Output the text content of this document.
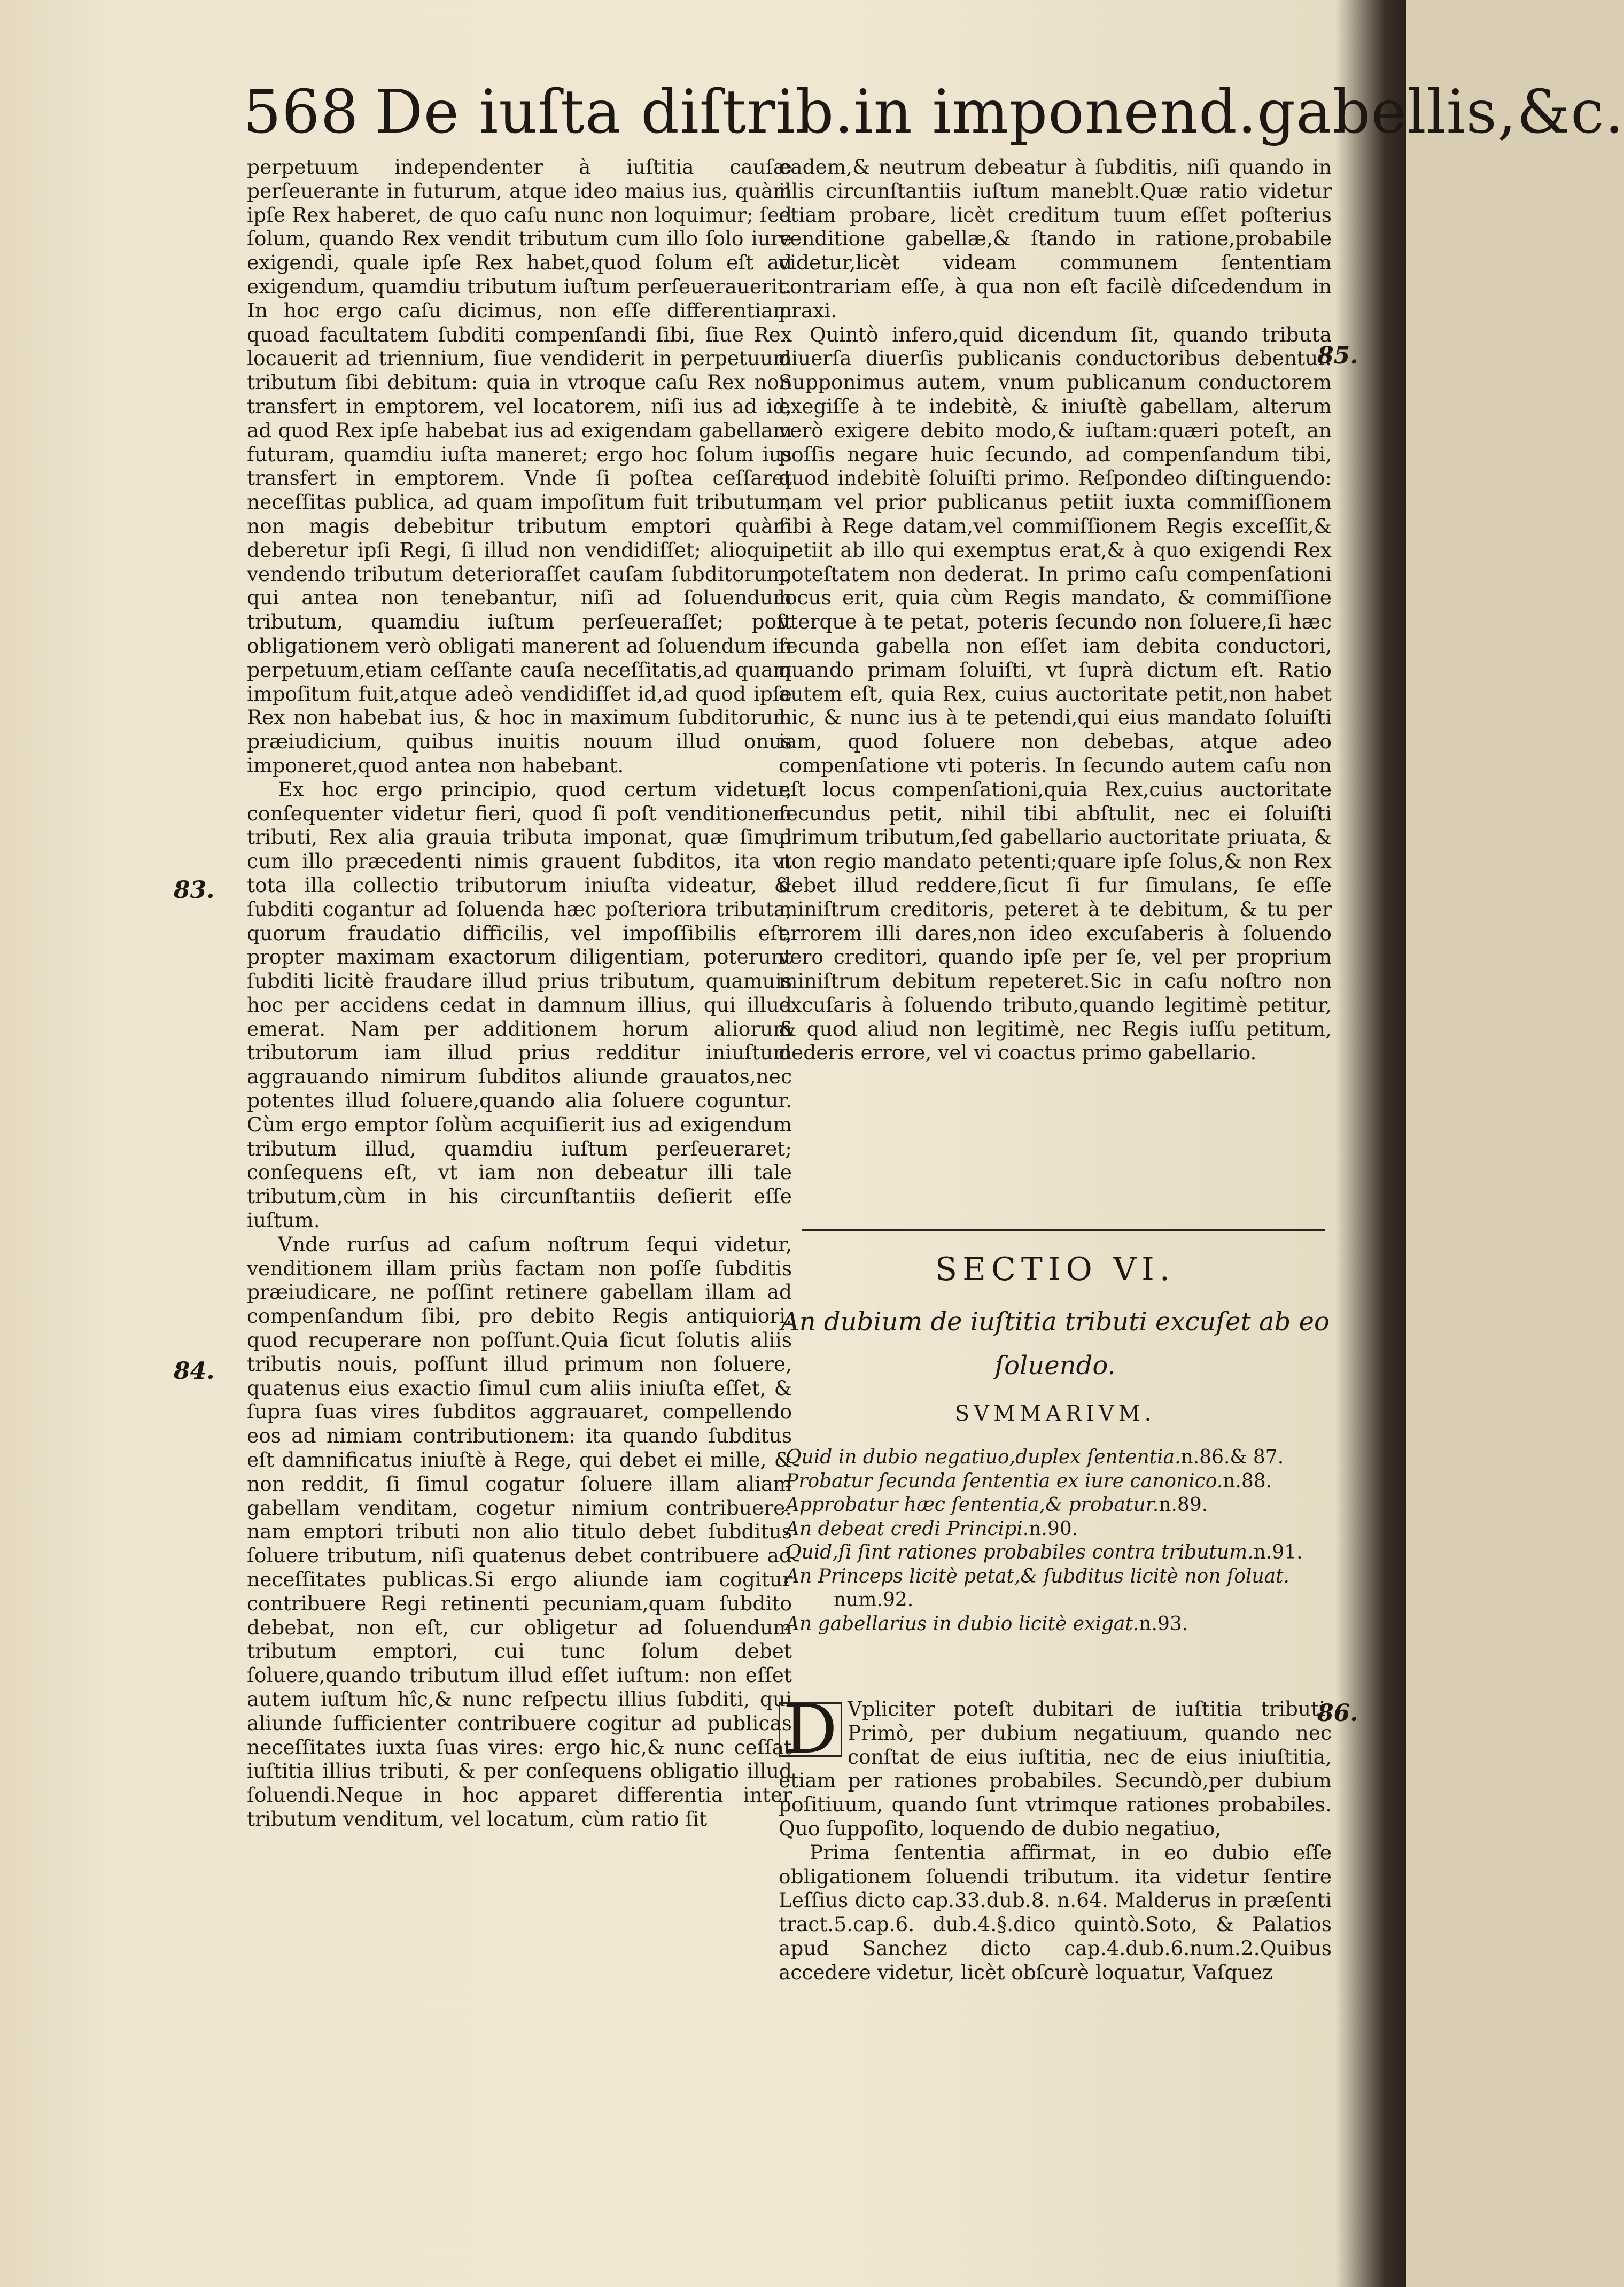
568 De iuſta diſtrib.in imponend.gabellis,&c.

perpetuum independenter à iuſtitia cauſæ perſeuerante in futurum, atque ideo maius ius, quàm ipſe Rex haberet, de quo caſu nunc non loquimur; ſed ſolum, quando Rex vendit tributum cum illo ſolo iure exigendi, quale ipſe Rex habet,quod ſolum eſt ad exigendum, quamdiu tributum iuſtum perſeuerauerit. In hoc ergo caſu dicimus, non eſſe differentiam quoad facultatem ſubditi compenſandi ſibi, ſiue Rex locauerit ad triennium, ſiue vendiderit in perpetuum tributum ſibi debitum: quia in vtroque caſu Rex non transfert in emptorem, vel locatorem, niſi ius ad id, ad quod Rex ipſe habebat ius ad exigendam gabellam futuram, quamdiu iuſta maneret; ergo hoc ſolum ius transfert in emptorem. Vnde ſi poſtea ceſſaret neceſſitas publica, ad quam impoſitum fuit tributum, non magis debebitur tributum emptori quàm deberetur ipſi Regi, ſi illud non vendidiſſet; alioquin vendendo tributum deterioraſſet cauſam ſubditorum, qui antea non tenebantur, niſi ad ſoluendum tributum, quamdiu iuſtum perſeueraſſet; poſt obligationem verò obligati manerent ad ſoluendum in perpetuum,etiam ceſſante cauſa neceſſitatis,ad quam impoſitum fuit,atque adeò vendidiſſet id,ad quod ipſe Rex non habebat ius, & hoc in maximum ſubditorum præiudicium, quibus inuitis nouum illud onus imponeret,quod antea non habebant.

Ex hoc ergo principio, quod certum videtur, conſequenter videtur fieri, quod ſi poſt venditionem tributi, Rex alia grauia tributa imponat, quæ ſimul cum illo præcedenti nimis grauent ſubditos, ita vt tota illa collectio tributorum iniuſta videatur, & ſubditi cogantur ad ſoluenda hæc poſteriora tributa, quorum fraudatio difficilis, vel impoſſibilis eſt, propter maximam exactorum diligentiam, poterunt ſubditi licitè fraudare illud prius tributum, quamuis hoc per accidens cedat in damnum illius, qui illud emerat. Nam per additionem horum aliorum tributorum iam illud prius redditur iniuſtum aggrauando nimirum ſubditos aliunde grauatos,nec potentes illud ſoluere,quando alia ſoluere coguntur. Cùm ergo emptor ſolùm acquiſierit ius ad exigendum tributum illud, quamdiu iuſtum perſeueraret; conſequens eſt, vt iam non debeatur illi tale tributum,cùm in his circunſtantiis deſierit eſſe iuſtum.

Vnde rurſus ad caſum noſtrum ſequi videtur, venditionem illam priùs factam non poſſe ſubditis præiudicare, ne poſſint retinere gabellam illam ad compenſandum ſibi, pro debito Regis antiquiori, quod recuperare non poſſunt.Quia ſicut ſolutis aliis tributis nouis, poſſunt illud primum non ſoluere, quatenus eius exactio ſimul cum aliis iniuſta eſſet, & ſupra ſuas vires ſubditos aggrauaret, compellendo eos ad nimiam contributionem: ita quando ſubditus eſt damnificatus iniuſtè à Rege, qui debet ei mille, & non reddit, ſi ſimul cogatur ſoluere illam aliam gabellam venditam, cogetur nimium contribuere: nam emptori tributi non alio titulo debet ſubditus ſoluere tributum, niſi quatenus debet contribuere ad neceſſitates publicas.Si ergo aliunde iam cogitur contribuere Regi retinenti pecuniam,quam ſubdito debebat, non eſt, cur obligetur ad ſoluendum tributum emptori, cui tunc ſolum debet ſoluere,quando tributum illud eſſet iuſtum: non eſſet autem iuſtum hîc,& nunc reſpectu illius ſubditi, qui aliunde ſufficienter contribuere cogitur ad publicas neceſſitates iuxta ſuas vires: ergo hic,& nunc ceſſat iuſtitia illius tributi, & per conſequens obligatio illud ſoluendi.Neque in hoc apparet differentia inter tributum venditum, vel locatum, cùm ratio ſit

83.
84.

eadem,& neutrum debeatur à ſubditis, niſi quando in illis circunſtantiis iuſtum maneblt.Quæ ratio videtur etiam probare, licèt creditum tuum eſſet poſterius venditione gabellæ,& ſtando in ratione,probabile videtur,licèt videam communem ſententiam contrariam eſſe, à qua non eſt facilè diſcedendum in praxi.

Quintò infero,quid dicendum ſit, quando tributa diuerſa diuerſis publicanis conductoribus debentur. Supponimus autem, vnum publicanum conductorem exegiſſe à te indebitè, & iniuſtè gabellam, alterum verò exigere debito modo,& iuſtam:quæri poteſt, an poſſis negare huic ſecundo, ad compenſandum tibi, quod indebitè ſoluiſti primo. Reſpondeo diſtinguendo: nam vel prior publicanus petiit iuxta commiſſionem ſibi à Rege datam,vel commiſſionem Regis exceſſit,& petiit ab illo qui exemptus erat,& à quo exigendi Rex poteſtatem non dederat. In primo caſu compenſationi locus erit, quia cùm Regis mandato, & commiſſione vterque à te petat, poteris ſecundo non ſoluere,ſi hæc ſecunda gabella non eſſet iam debita conductori, quando primam ſoluiſti, vt ſuprà dictum eſt. Ratio autem eſt, quia Rex, cuius auctoritate petit,non habet hic, & nunc ius à te petendi,qui eius mandato ſoluiſti iam, quod ſoluere non debebas, atque adeo compenſatione vti poteris. In ſecundo autem caſu non eſt locus compenſationi,quia Rex,cuius auctoritate ſecundus petit, nihil tibi abſtulit, nec ei ſoluiſti primum tributum,ſed gabellario auctoritate priuata, & non regio mandato petenti;quare ipſe ſolus,& non Rex debet illud reddere,ſicut ſi fur ſimulans, ſe eſſe miniſtrum creditoris, peteret à te debitum, & tu per errorem illi dares,non ideo excuſaberis à ſoluendo vero creditori, quando ipſe per ſe, vel per proprium miniſtrum debitum repeteret.Sic in caſu noſtro non excuſaris à ſoluendo tributo,quando legitimè petitur, & quod aliud non legitimè, nec Regis iuſſu petitum, dederis errore, vel vi coactus primo gabellario.

85.
86.
SECTIO VI.
An dubium de iuſtitia tributi excuſet ab eo ſoluendo.
SVMMARIVM.
Quid in dubio negatiuo,duplex ſententia.n.86.& 87.
Probatur ſecunda ſententia ex iure canonico.n.88.
Approbatur hæc ſententia,& probatur.n.89.
An debeat credi Principi.n.90.
Quid,ſi ſint rationes probabiles contra tributum.n.91.
An Princeps licitè petat,& ſubditus licitè non ſoluat.
num.92.
An gabellarius in dubio licitè exigat.n.93.

D Vpliciter poteſt dubitari de iuſtitia tributi. Primò, per dubium negatiuum, quando nec conſtat de eius iuſtitia, nec de eius iniuſtitia, etiam per rationes probabiles. Secundò,per dubium poſitiuum, quando ſunt vtrimque rationes probabiles. Quo ſuppoſito, loquendo de dubio negatiuo,

Prima ſententia affirmat, in eo dubio eſſe obligationem ſoluendi tributum. ita videtur ſentire Leſſius dicto cap.33.dub.8. n.64. Malderus in præſenti tract.5.cap.6. dub.4.§.dico quintò.Soto, & Palatios apud Sanchez dicto cap.4.dub.6.num.2.Quibus accedere videtur, licèt obſcurè loquatur, Vaſquez
